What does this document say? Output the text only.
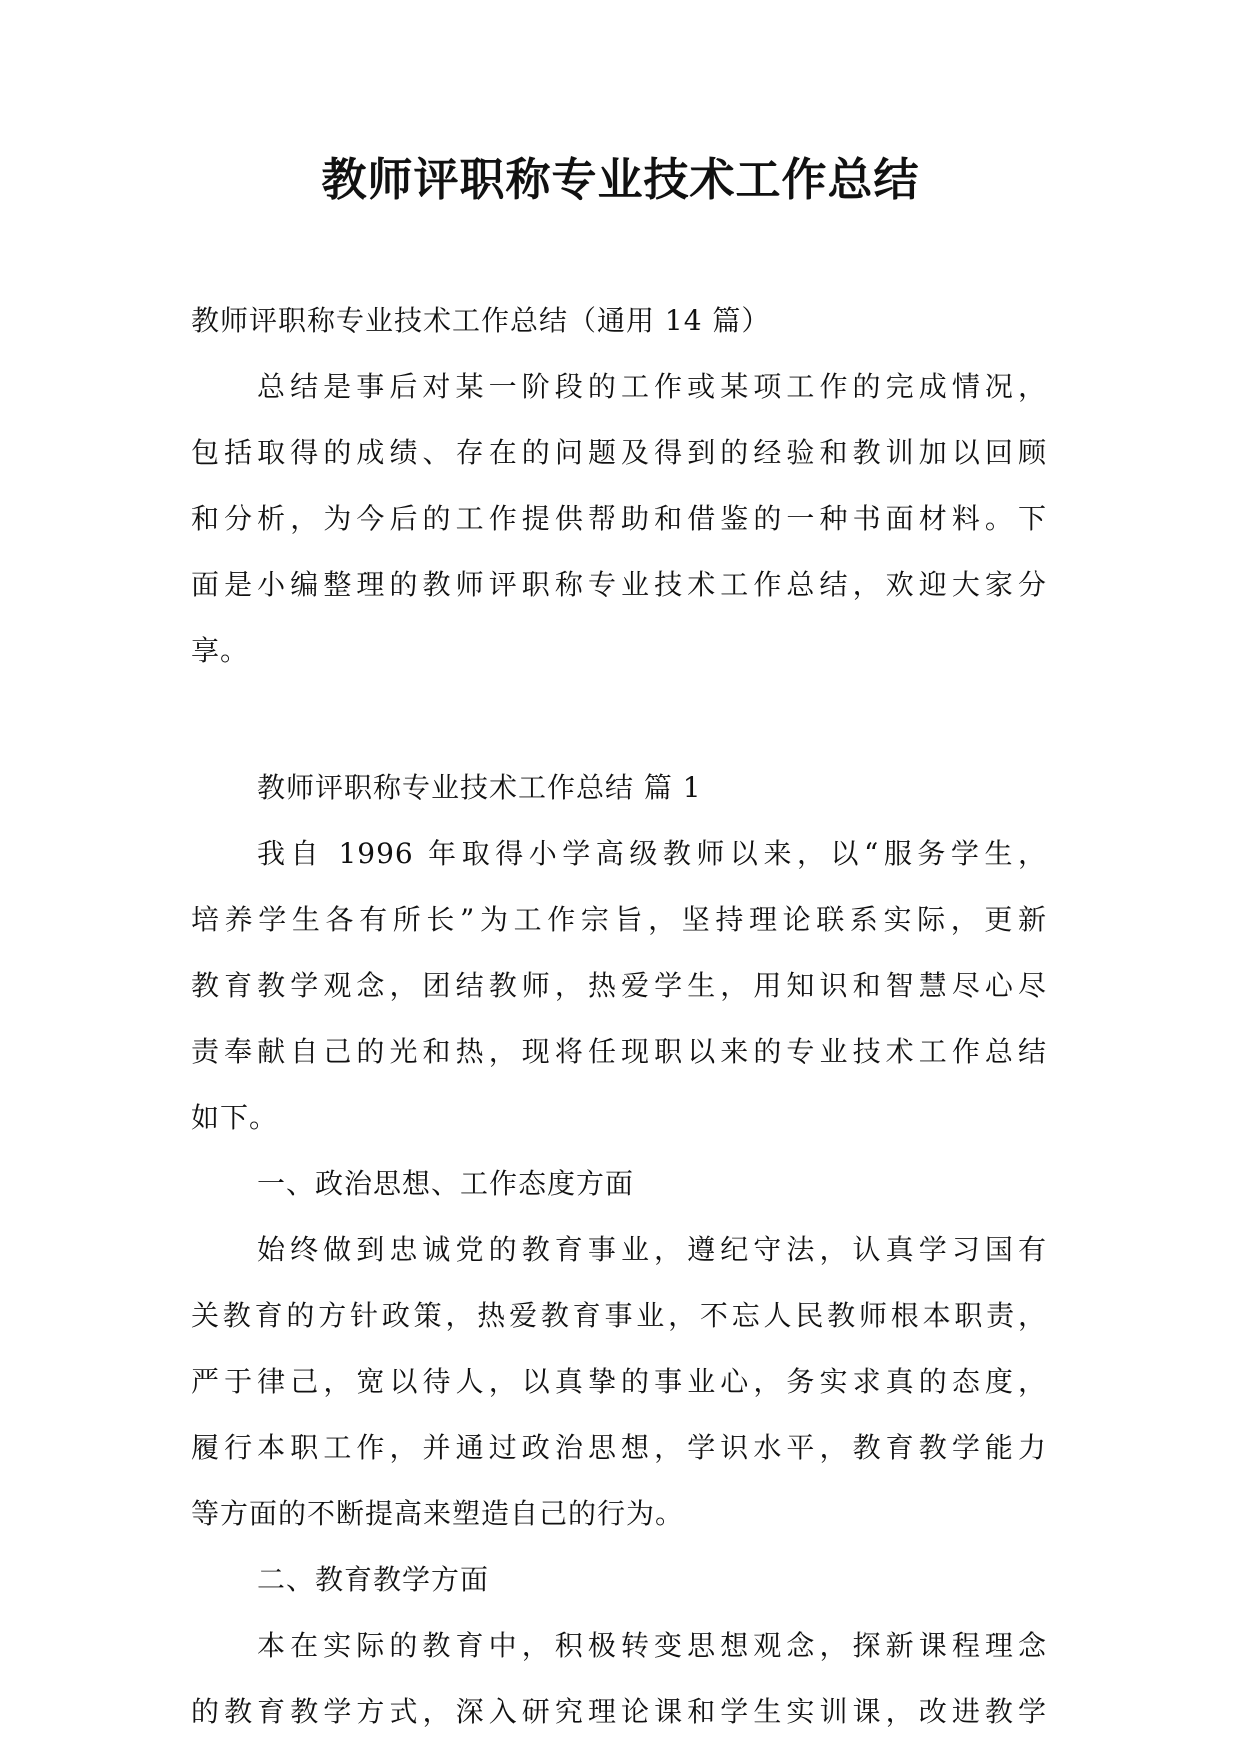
教师评职称专业技术工作总结
教师评职称专业技术工作总结（通用 14 篇）
总结是事后对某一阶段的工作或某项工作的完成情况，
包括取得的成绩、存在的问题及得到的经验和教训加以回顾
和分析，为今后的工作提供帮助和借鉴的一种书面材料。下
面是小编整理的教师评职称专业技术工作总结，欢迎大家分
享。
教师评职称专业技术工作总结 篇 1
我自 1996 年取得小学高级教师以来，以“服务学生，
培养学生各有所长”为工作宗旨，坚持理论联系实际，更新
教育教学观念，团结教师，热爱学生，用知识和智慧尽心尽
责奉献自己的光和热，现将任现职以来的专业技术工作总结
如下。
一、政治思想、工作态度方面
始终做到忠诚党的教育事业，遵纪守法，认真学习国有
关教育的方针政策，热爱教育事业，不忘人民教师根本职责，
严于律己，宽以待人，以真挚的事业心，务实求真的态度，
履行本职工作，并通过政治思想，学识水平，教育教学能力
等方面的不断提高来塑造自己的行为。
二、教育教学方面
本在实际的教育中，积极转变思想观念，探新课程理念
的教育教学方式，深入研究理论课和学生实训课，改进教学
